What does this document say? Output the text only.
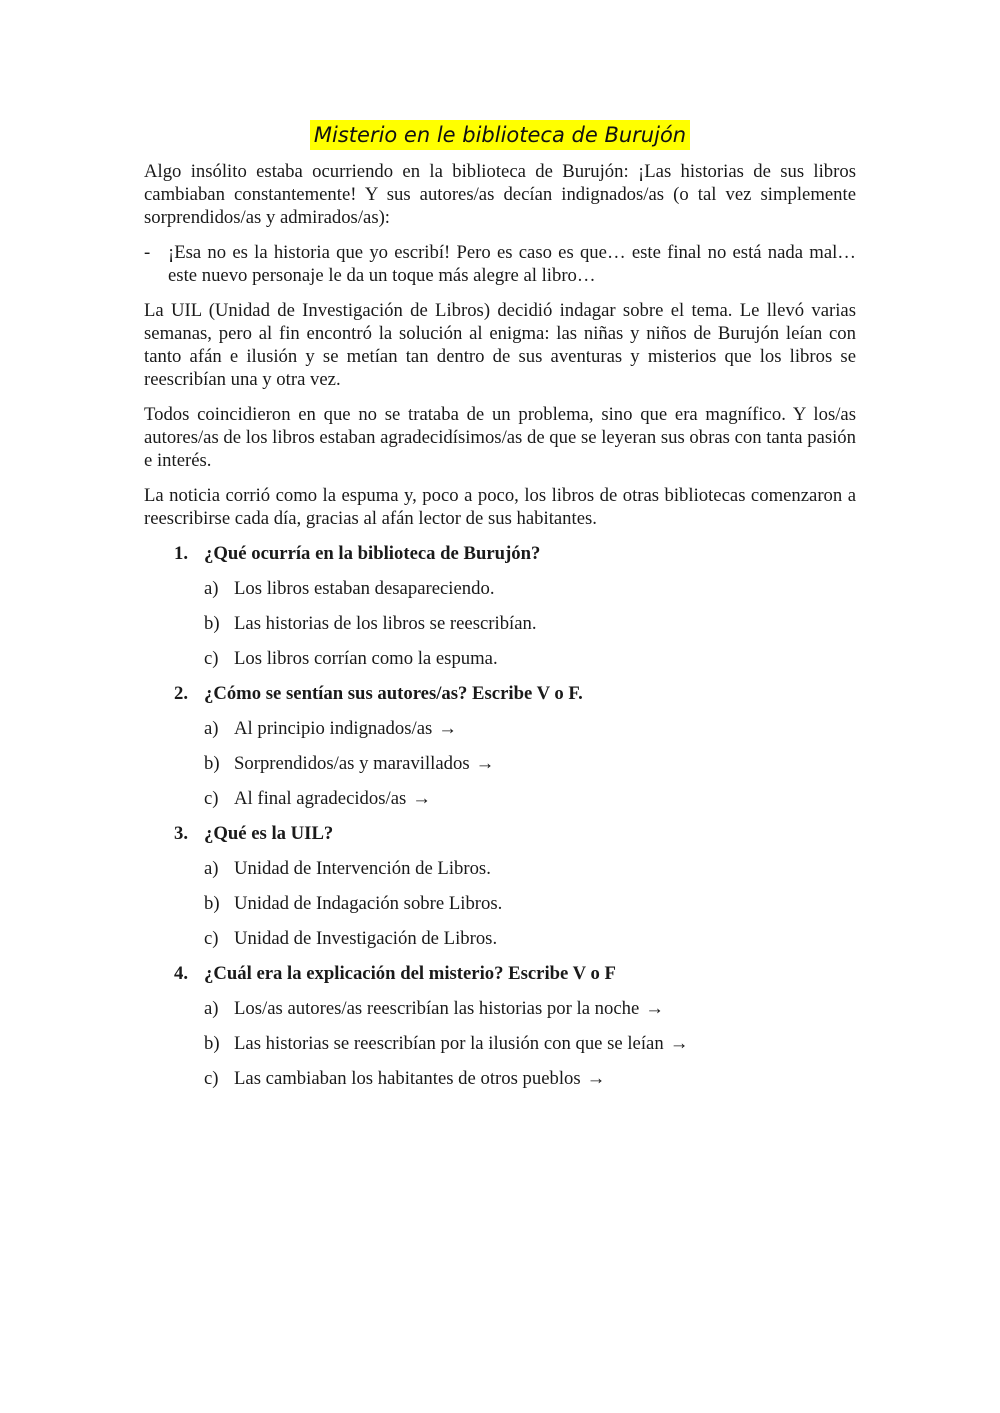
Misterio en le biblioteca de Burujón

Algo insólito estaba ocurriendo en la biblioteca de Burujón: ¡Las historias de sus libros cambiaban constantemente! Y sus autores/as decían indignados/as (o tal vez simplemente sorprendidos/as y admirados/as):

- ¡Esa no es la historia que yo escribí! Pero es caso es que… este final no está nada mal… este nuevo personaje le da un toque más alegre al libro…

La UIL (Unidad de Investigación de Libros) decidió indagar sobre el tema. Le llevó varias semanas, pero al fin encontró la solución al enigma: las niñas y niños de Burujón leían con tanto afán e ilusión y se metían tan dentro de sus aventuras y misterios que los libros se reescribían una y otra vez.

Todos coincidieron en que no se trataba de un problema, sino que era magnífico. Y los/as autores/as de los libros estaban agradecidísimos/as de que se leyeran sus obras con tanta pasión e interés.

La noticia corrió como la espuma y, poco a poco, los libros de otras bibliotecas comenzaron a reescribirse cada día, gracias al afán lector de sus habitantes.

1. ¿Qué ocurría en la biblioteca de Burujón?
a) Los libros estaban desapareciendo.
b) Las historias de los libros se reescribían.
c) Los libros corrían como la espuma.
2. ¿Cómo se sentían sus autores/as? Escribe V o F.
a) Al principio indignados/as →
b) Sorprendidos/as y maravillados →
c) Al final agradecidos/as →
3. ¿Qué es la UIL?
a) Unidad de Intervención de Libros.
b) Unidad de Indagación sobre Libros.
c) Unidad de Investigación de Libros.
4. ¿Cuál era la explicación del misterio? Escribe V o F
a) Los/as autores/as reescribían las historias por la noche →
b) Las historias se reescribían por la ilusión con que se leían →
c) Las cambiaban los habitantes de otros pueblos →
